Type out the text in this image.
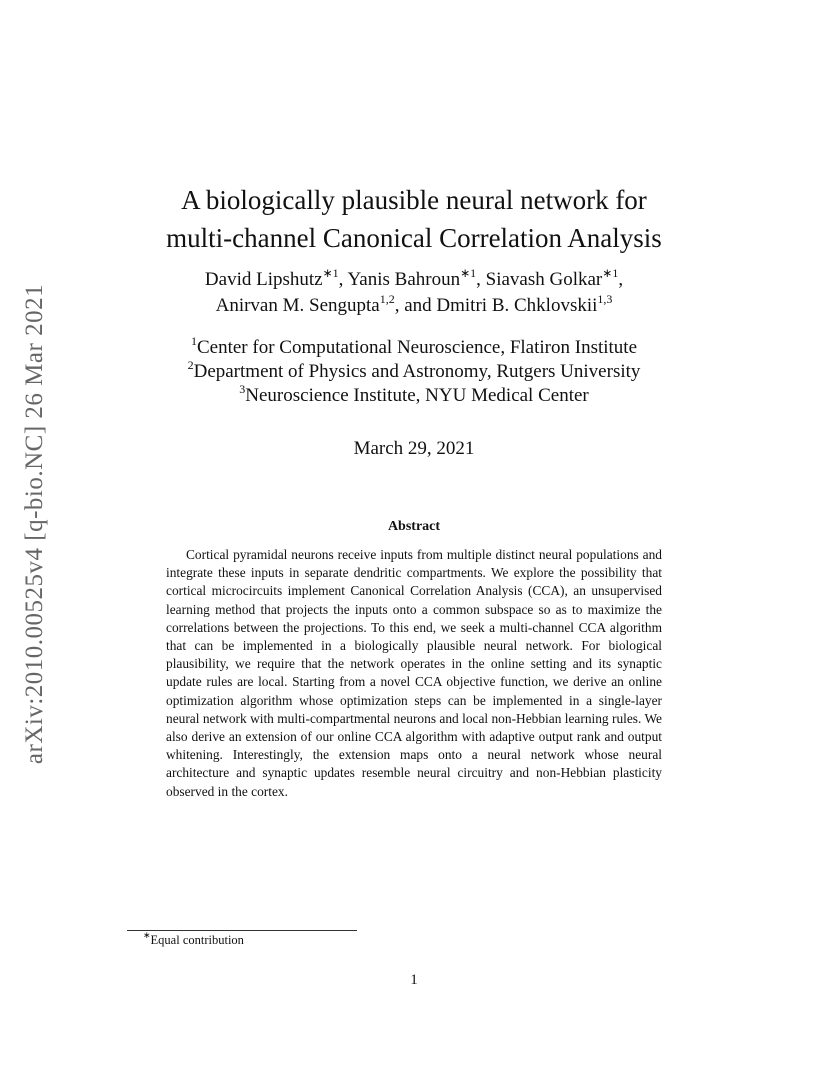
arXiv:2010.00525v4 [q-bio.NC] 26 Mar 2021
A biologically plausible neural network for
multi-channel Canonical Correlation Analysis
David Lipshutz$^{∗1}$, Yanis Bahroun$^{∗1}$, Siavash Golkar$^{∗1}$,
Anirvan M. Sengupta$^{1,2}$, and Dmitri B. Chklovskii$^{1,3}$
$^1$Center for Computational Neuroscience, Flatiron Institute
$^2$Department of Physics and Astronomy, Rutgers University
$^3$Neuroscience Institute, NYU Medical Center
March 29, 2021
Abstract
Cortical pyramidal neurons receive inputs from multiple distinct neural populations and integrate these inputs in separate dendritic compartments. We explore the possibility that cortical microcircuits implement Canonical Correlation Analysis (CCA), an unsupervised learning method that projects the inputs onto a common subspace so as to maximize the correlations between the projections. To this end, we seek a multi-channel CCA algorithm that can be implemented in a biologically plausible neural network. For biological plausibility, we require that the network operates in the online setting and its synaptic update rules are local. Starting from a novel CCA objective function, we derive an online optimization algorithm whose optimization steps can be implemented in a single-layer neural network with multi-compartmental neurons and local non-Hebbian learning rules. We also derive an extension of our online CCA algorithm with adaptive output rank and output whitening. Interestingly, the extension maps onto a neural network whose neural architecture and synaptic updates resemble neural circuitry and non-Hebbian plasticity observed in the cortex.
∗Equal contribution
1
